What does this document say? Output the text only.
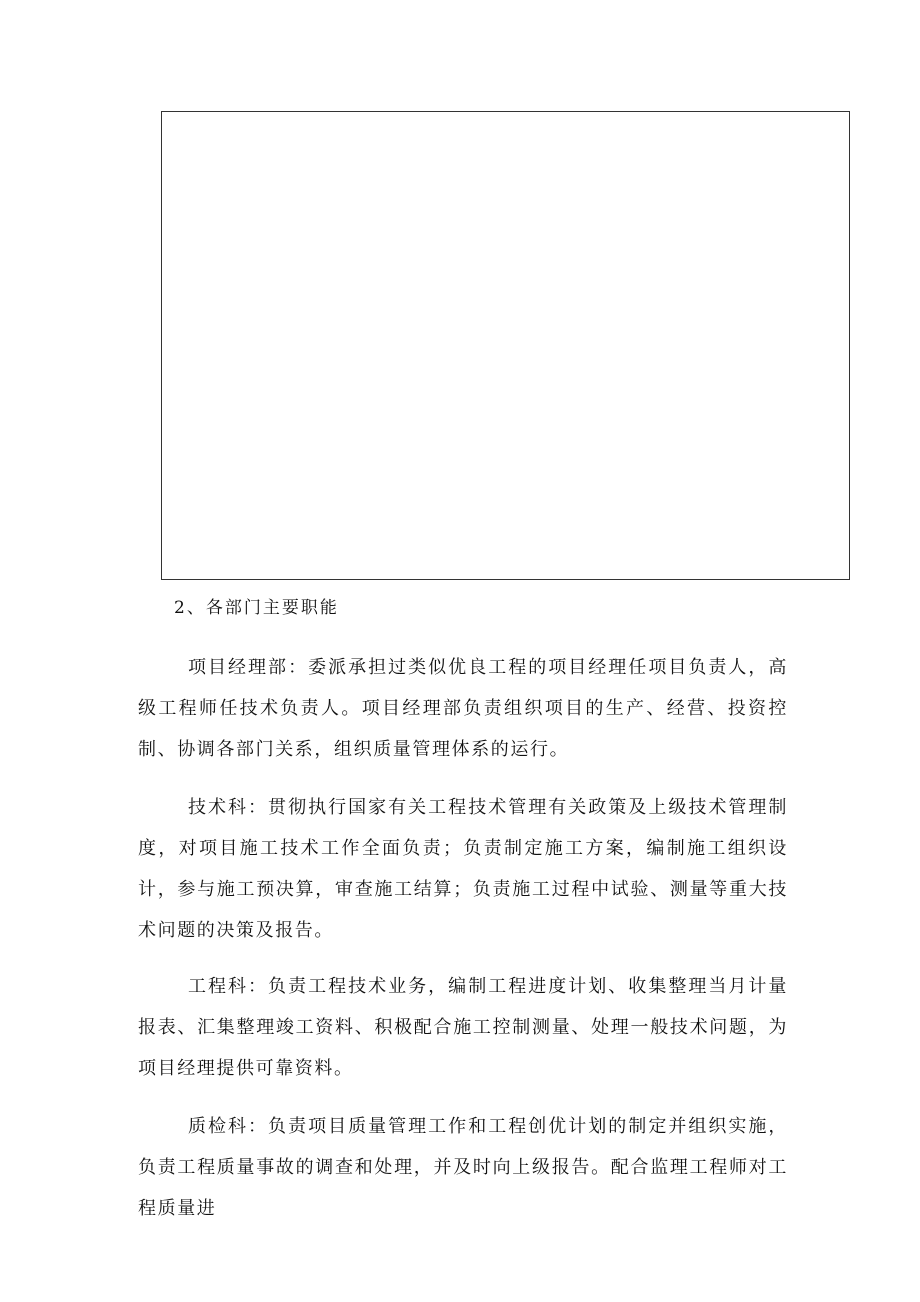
2、各部门主要职能

项目经理部：委派承担过类似优良工程的项目经理任项目负责人，高级工程师任技术负责人。项目经理部负责组织项目的生产、经营、投资控制、协调各部门关系，组织质量管理体系的运行。

技术科：贯彻执行国家有关工程技术管理有关政策及上级技术管理制度，对项目施工技术工作全面负责；负责制定施工方案，编制施工组织设计，参与施工预决算，审查施工结算；负责施工过程中试验、测量等重大技术问题的决策及报告。

工程科：负责工程技术业务，编制工程进度计划、收集整理当月计量报表、汇集整理竣工资料、积极配合施工控制测量、处理一般技术问题，为项目经理提供可靠资料。

质检科：负责项目质量管理工作和工程创优计划的制定并组织实施，负责工程质量事故的调查和处理，并及时向上级报告。配合监理工程师对工程质量进
